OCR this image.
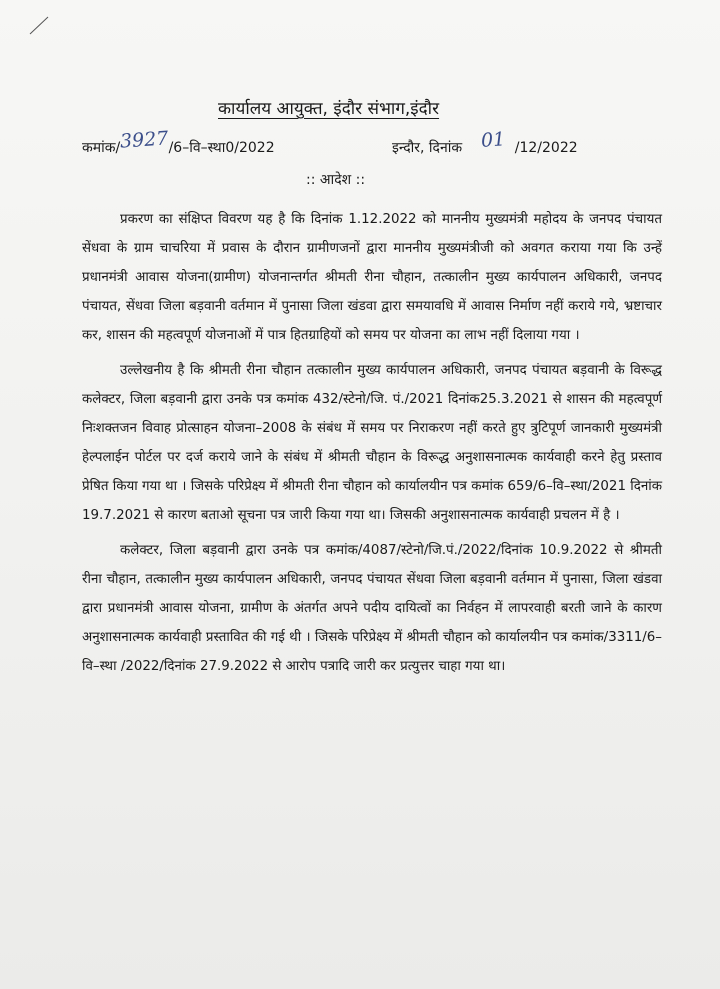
कार्यालय आयुक्त, इंदौर संभाग,इंदौर
कमांक/3927/6–वि–स्था0/2022	इन्दौर, दिनांक 01 /12/2022
:: आदेश ::

प्रकरण का संक्षिप्त विवरण यह है कि दिनांक 1.12.2022 को माननीय मुख्यमंत्री महोदय के जनपद पंचायत सेंधवा के ग्राम चाचरिया में प्रवास के दौरान ग्रामीणजनों द्वारा माननीय मुख्यमंत्रीजी को अवगत कराया गया कि उन्हें प्रधानमंत्री आवास योजना(ग्रामीण) योजनान्तर्गत श्रीमती रीना चौहान, तत्कालीन मुख्य कार्यपालन अधिकारी, जनपद पंचायत, सेंधवा जिला बड़वानी वर्तमान में पुनासा जिला खंडवा द्वारा समयावधि में आवास निर्माण नहीं कराये गये, भ्रष्टाचार कर, शासन की महत्वपूर्ण योजनाओं में पात्र हितग्राहियों को समय पर योजना का लाभ नहीं दिलाया गया ।

उल्लेखनीय है कि श्रीमती रीना चौहान तत्कालीन मुख्य कार्यपालन अधिकारी, जनपद पंचायत बड़वानी के विरूद्ध कलेक्टर, जिला बड़वानी द्वारा उनके पत्र कमांक 432/स्टेनो/जि. पं./2021 दिनांक25.3.2021 से शासन की महत्वपूर्ण निःशक्तजन विवाह प्रोत्साहन योजना–2008 के संबंध में समय पर निराकरण नहीं करते हुए त्रुटिपूर्ण जानकारी मुख्यमंत्री हेल्पलाईन पोर्टल पर दर्ज कराये जाने के संबंध में श्रीमती चौहान के विरूद्ध अनुशासनात्मक कार्यवाही करने हेतु प्रस्ताव प्रेषित किया गया था । जिसके परिप्रेक्ष्य में श्रीमती रीना चौहान को कार्यालयीन पत्र कमांक 659/6–वि–स्था/2021 दिनांक 19.7.2021 से कारण बताओ सूचना पत्र जारी किया गया था। जिसकी अनुशासनात्मक कार्यवाही प्रचलन में है ।

कलेक्टर, जिला बड़वानी द्वारा उनके पत्र कमांक/4087/स्टेनो/जि.पं./2022/दिनांक 10.9.2022 से श्रीमती रीना चौहान, तत्कालीन मुख्य कार्यपालन अधिकारी, जनपद पंचायत सेंधवा जिला बड़वानी वर्तमान में पुनासा, जिला खंडवा द्वारा प्रधानमंत्री आवास योजना, ग्रामीण के अंतर्गत अपने पदीय दायित्वों का निर्वहन में लापरवाही बरती जाने के कारण अनुशासनात्मक कार्यवाही प्रस्तावित की गई थी । जिसके परिप्रेक्ष्य में श्रीमती चौहान को कार्यालयीन पत्र कमांक/3311/6–वि–स्था /2022/दिनांक 27.9.2022 से आरोप पत्रादि जारी कर प्रत्युत्तर चाहा गया था।
